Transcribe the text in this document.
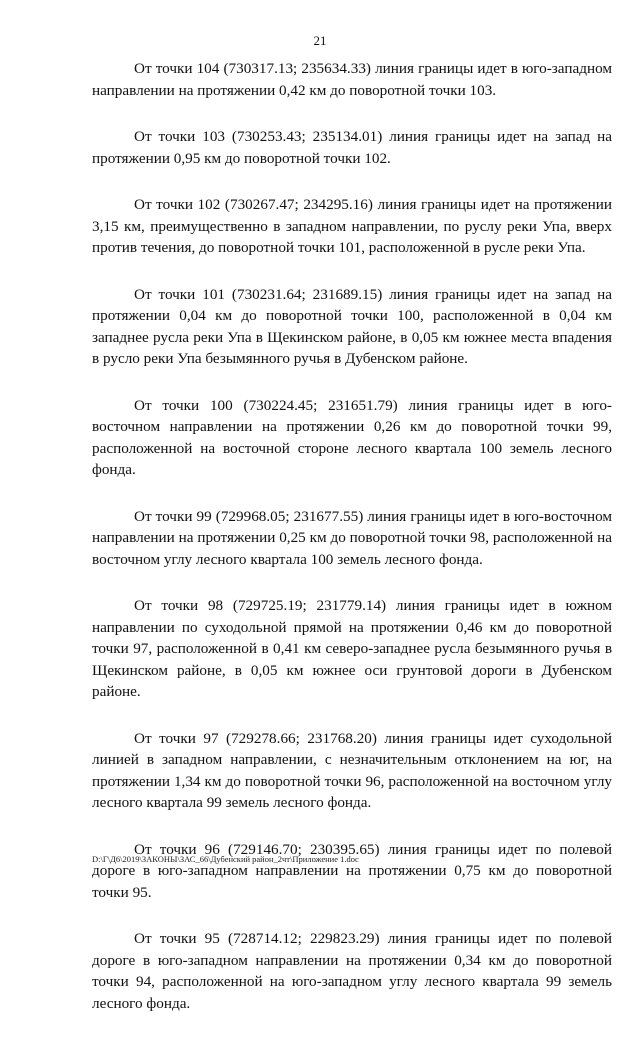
21

От точки 104 (730317.13; 235634.33) линия границы идет в юго-западном направлении на протяжении 0,42 км до поворотной точки 103.

От точки 103 (730253.43; 235134.01) линия границы идет на запад на протяжении 0,95 км до поворотной точки 102.

От точки 102 (730267.47; 234295.16) линия границы идет на протяжении 3,15 км, преимущественно в западном направлении, по руслу реки Упа, вверх против течения, до поворотной точки 101, расположенной в русле реки Упа.

От точки 101 (730231.64; 231689.15) линия границы идет на запад на протяжении 0,04 км до поворотной точки 100, расположенной в 0,04 км западнее русла реки Упа в Щекинском районе, в 0,05 км южнее места впадения в русло реки Упа безымянного ручья в Дубенском районе.

От точки 100 (730224.45; 231651.79) линия границы идет в юго-восточном направлении на протяжении 0,26 км до поворотной точки 99, расположенной на восточной стороне лесного квартала 100 земель лесного фонда.

От точки 99 (729968.05; 231677.55) линия границы идет в юго-восточном направлении на протяжении 0,25 км до поворотной точки 98, расположенной на восточном углу лесного квартала 100 земель лесного фонда.

От точки 98 (729725.19; 231779.14) линия границы идет в южном направлении по суходольной прямой на протяжении 0,46 км до поворотной точки 97, расположенной в 0,41 км северо-западнее русла безымянного ручья в Щекинском районе, в 0,05 км южнее оси грунтовой дороги в Дубенском районе.

От точки 97 (729278.66; 231768.20) линия границы идет суходольной линией в западном направлении, с незначительным отклонением на юг, на протяжении 1,34 км до поворотной точки 96, расположенной на восточном углу лесного квартала 99 земель лесного фонда.

От точки 96 (729146.70; 230395.65) линия границы идет по полевой дороге в юго-западном направлении на протяжении 0,75 км до поворотной точки 95.

От точки 95 (728714.12; 229823.29) линия границы идет по полевой дороге в юго-западном направлении на протяжении 0,34 км до поворотной точки 94, расположенной на юго-западном углу лесного квартала 99 земель лесного фонда.

D:\Г\Д6\2019\ЗАКОНЫ\ЗАС_66\Дубенский район_2чт\Приложение 1.doc
